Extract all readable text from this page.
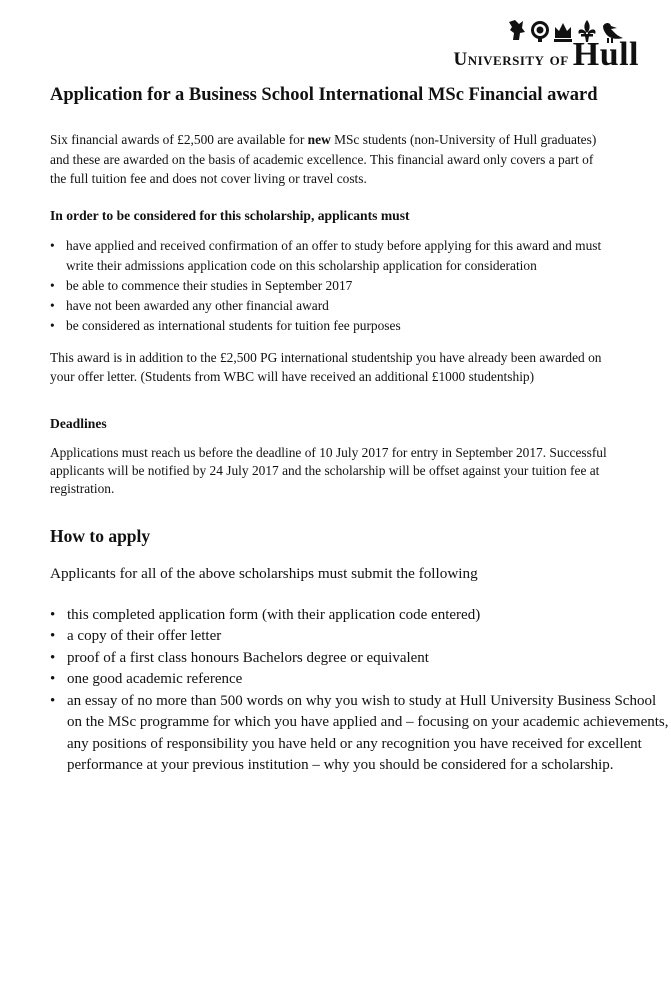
University of Hull
Application for a Business School International MSc Financial award

Six financial awards of £2,500 are available for new MSc students (non-University of Hull graduates) and these are awarded on the basis of academic excellence. This financial award only covers a part of the full tuition fee and does not cover living or travel costs.

In order to be considered for this scholarship, applicants must
• have applied and received confirmation of an offer to study before applying for this award and must write their admissions application code on this scholarship application for consideration
• be able to commence their studies in September 2017
• have not been awarded any other financial award
• be considered as international students for tuition fee purposes

This award is in addition to the £2,500 PG international studentship you have already been awarded on your offer letter. (Students from WBC will have received an additional £1000 studentship)

Deadlines

Applications must reach us before the deadline of 10 July 2017 for entry in September 2017. Successful applicants will be notified by 24 July 2017 and the scholarship will be offset against your tuition fee at registration.

How to apply

Applicants for all of the above scholarships must submit the following

• this completed application form (with their application code entered)
• a copy of their offer letter
• proof of a first class honours Bachelors degree or equivalent
• one good academic reference
• an essay of no more than 500 words on why you wish to study at Hull University Business School on the MSc programme for which you have applied and – focusing on your academic achievements, any positions of responsibility you have held or any recognition you have received for excellent performance at your previous institution – why you should be considered for a scholarship.
